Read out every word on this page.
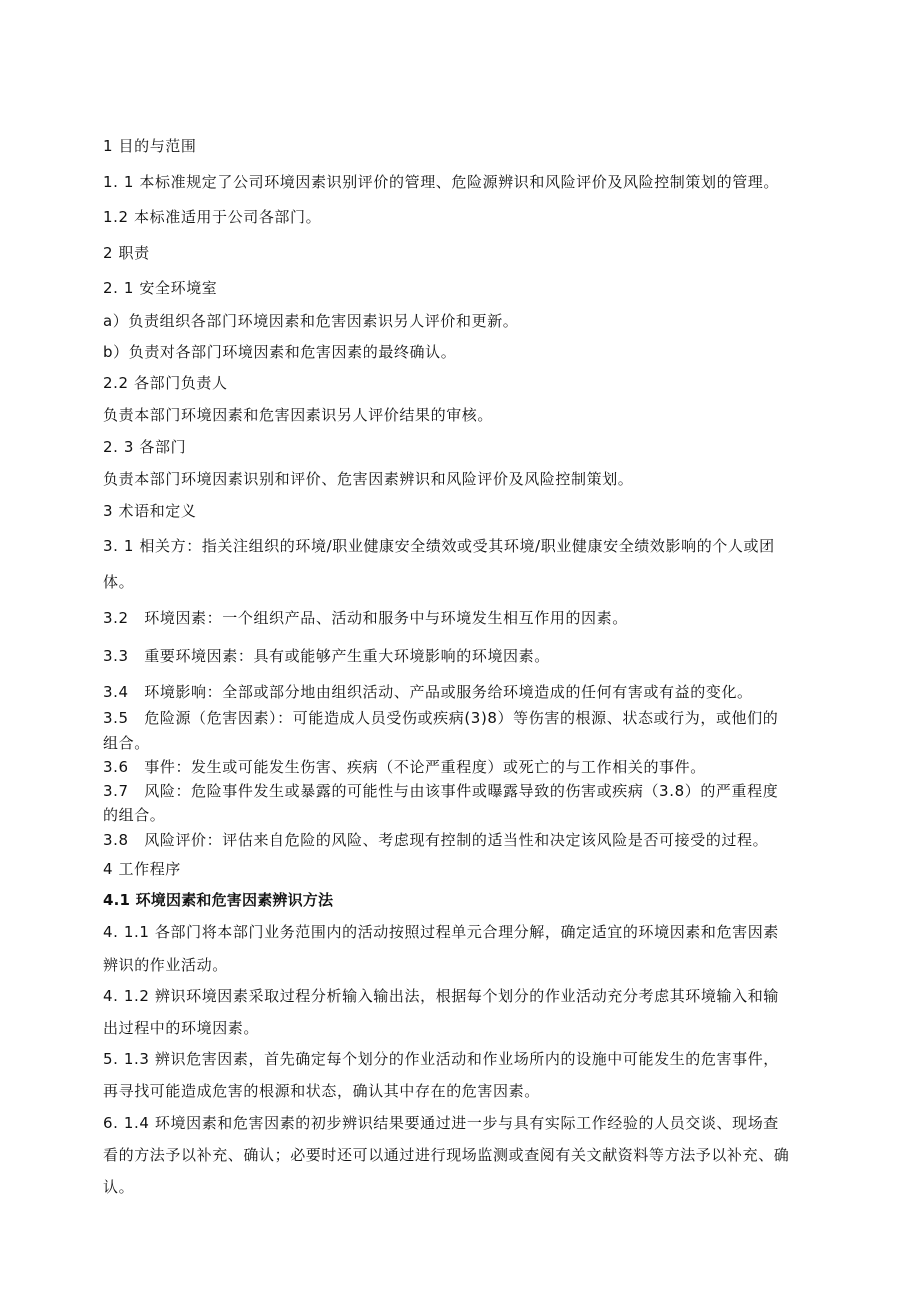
1 目的与范围

1. 1 本标准规定了公司环境因素识别评价的管理、危险源辨识和风险评价及风险控制策划的管理。

1.2 本标准适用于公司各部门。

2 职责

2. 1 安全环境室

a）负责组织各部门环境因素和危害因素识另人评价和更新。

b）负责对各部门环境因素和危害因素的最终确认。

2.2 各部门负责人

负责本部门环境因素和危害因素识另人评价结果的审核。

2. 3 各部门

负责本部门环境因素识别和评价、危害因素辨识和风险评价及风险控制策划。

3 术语和定义

3. 1 相关方：指关注组织的环境/职业健康安全绩效或受其环境/职业健康安全绩效影响的个人或团

体。

3.2　环境因素：一个组织产品、活动和服务中与环境发生相互作用的因素。

3.3　重要环境因素：具有或能够产生重大环境影响的环境因素。

3.4　环境影响：全部或部分地由组织活动、产品或服务给环境造成的任何有害或有益的变化。

3.5　危险源（危害因素）：可能造成人员受伤或疾病(3)8）等伤害的根源、状态或行为，或他们的

组合。

3.6　事件：发生或可能发生伤害、疾病（不论严重程度）或死亡的与工作相关的事件。

3.7　风险：危险事件发生或暴露的可能性与由该事件或曝露导致的伤害或疾病（3.8）的严重程度

的组合。

3.8　风险评价：评估来自危险的风险、考虑现有控制的适当性和决定该风险是否可接受的过程。

4 工作程序

4.1 环境因素和危害因素辨识方法

4. 1.1 各部门将本部门业务范围内的活动按照过程单元合理分解，确定适宜的环境因素和危害因素

辨识的作业活动。

4. 1.2 辨识环境因素采取过程分析输入输出法，根据每个划分的作业活动充分考虑其环境输入和输

出过程中的环境因素。

5. 1.3 辨识危害因素，首先确定每个划分的作业活动和作业场所内的设施中可能发生的危害事件，

再寻找可能造成危害的根源和状态，确认其中存在的危害因素。

6. 1.4 环境因素和危害因素的初步辨识结果要通过进一步与具有实际工作经验的人员交谈、现场查

看的方法予以补充、确认；必要时还可以通过进行现场监测或查阅有关文献资料等方法予以补充、确

认。
